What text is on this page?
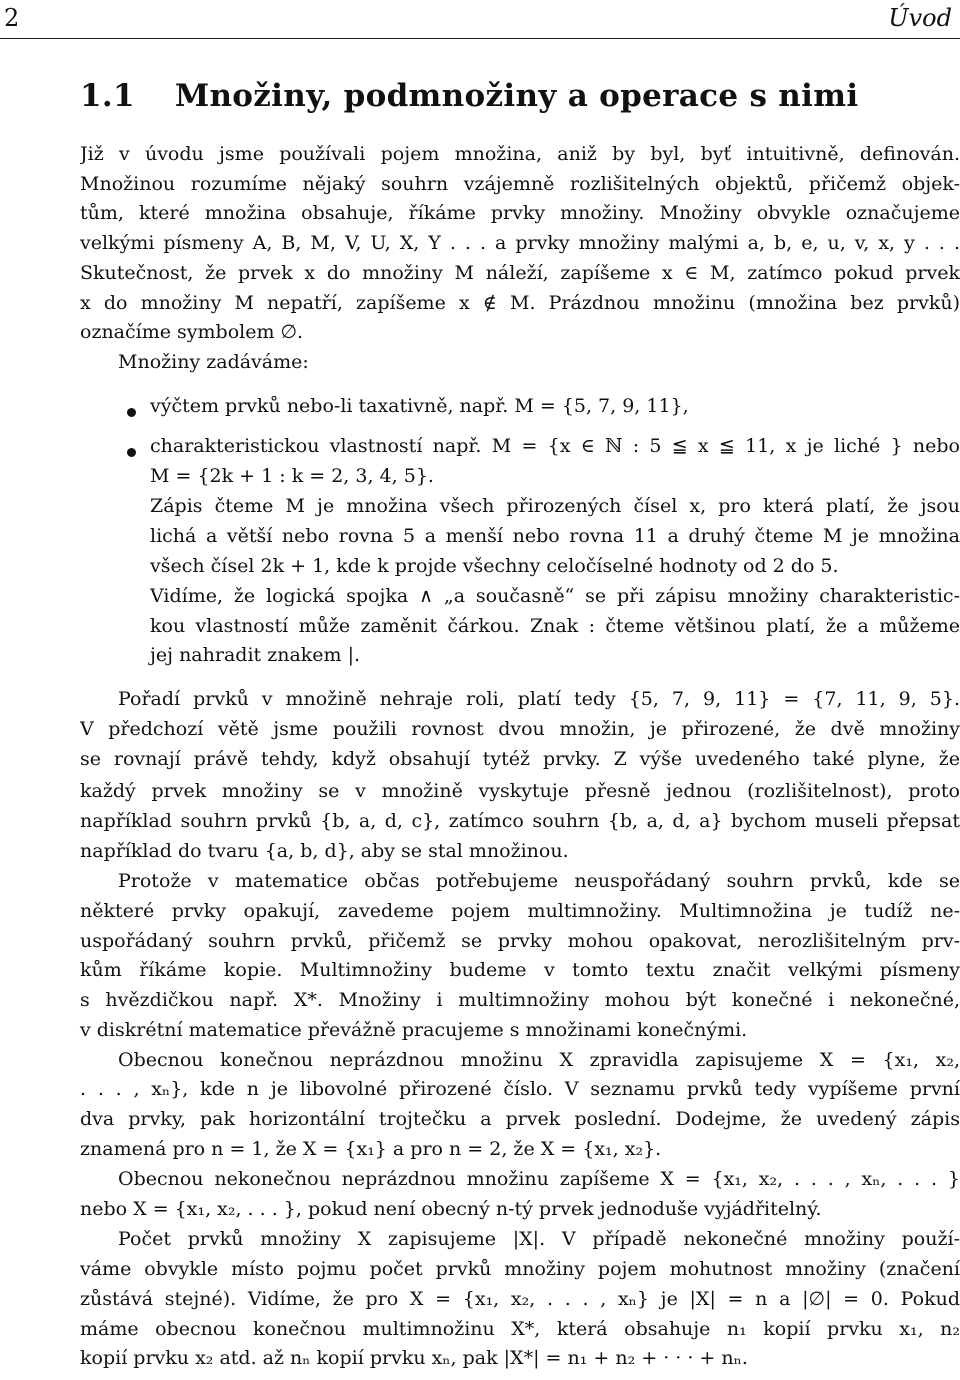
2	Úvod
1.1 Množiny, podmnožiny a operace s nimi
Již v úvodu jsme používali pojem množina, aniž by byl, byť intuitivně, definován.
Množinou rozumíme nějaký souhrn vzájemně rozlišitelných objektů, přičemž objek-
tům, které množina obsahuje, říkáme prvky množiny. Množiny obvykle označujeme
velkými písmeny A, B, M, V, U, X, Y . . . a prvky množiny malými a, b, e, u, v, x, y . . .
Skutečnost, že prvek x do množiny M náleží, zapíšeme x ∈ M, zatímco pokud prvek
x do množiny M nepatří, zapíšeme x ∉ M. Prázdnou množinu (množina bez prvků)
označíme symbolem ∅.
Množiny zadáváme:
výčtem prvků nebo-li taxativně, např. M = {5, 7, 9, 11},
charakteristickou vlastností např. M = {x ∈ ℕ : 5 ≦ x ≦ 11, x je liché } nebo
M = {2k + 1 : k = 2, 3, 4, 5}.
Zápis čteme M je množina všech přirozených čísel x, pro která platí, že jsou
lichá a větší nebo rovna 5 a menší nebo rovna 11 a druhý čteme M je množina
všech čísel 2k + 1, kde k projde všechny celočíselné hodnoty od 2 do 5.
Vidíme, že logická spojka ∧ „a současně“ se při zápisu množiny charakteristic-
kou vlastností může zaměnit čárkou. Znak : čteme většinou platí, že a můžeme
jej nahradit znakem |.
Pořadí prvků v množině nehraje roli, platí tedy {5, 7, 9, 11} = {7, 11, 9, 5}.
V předchozí větě jsme použili rovnost dvou množin, je přirozené, že dvě množiny
se rovnají právě tehdy, když obsahují tytéž prvky. Z výše uvedeného také plyne, že
každý prvek množiny se v množině vyskytuje přesně jednou (rozlišitelnost), proto
například souhrn prvků {b, a, d, c}, zatímco souhrn {b, a, d, a} bychom museli přepsat
například do tvaru {a, b, d}, aby se stal množinou.
Protože v matematice občas potřebujeme neuspořádaný souhrn prvků, kde se
některé prvky opakují, zavedeme pojem multimnožiny. Multimnožina je tudíž ne-
uspořádaný souhrn prvků, přičemž se prvky mohou opakovat, nerozlišitelným prv-
kům říkáme kopie. Multimnožiny budeme v tomto textu značit velkými písmeny
s hvězdičkou např. X*. Množiny i multimnožiny mohou být konečné i nekonečné,
v diskrétní matematice převážně pracujeme s množinami konečnými.
Obecnou konečnou neprázdnou množinu X zpravidla zapisujeme X = {x₁, x₂,
. . . , xₙ}, kde n je libovolné přirozené číslo. V seznamu prvků tedy vypíšeme první
dva prvky, pak horizontální trojtečku a prvek poslední. Dodejme, že uvedený zápis
znamená pro n = 1, že X = {x₁} a pro n = 2, že X = {x₁, x₂}.
Obecnou nekonečnou neprázdnou množinu zapíšeme X = {x₁, x₂, . . . , xₙ, . . . }
nebo X = {x₁, x₂, . . . }, pokud není obecný n-tý prvek jednoduše vyjádřitelný.
Počet prvků množiny X zapisujeme |X|. V případě nekonečné množiny použí-
váme obvykle místo pojmu počet prvků množiny pojem mohutnost množiny (značení
zůstává stejné). Vidíme, že pro X = {x₁, x₂, . . . , xₙ} je |X| = n a |∅| = 0. Pokud
máme obecnou konečnou multimnožinu X*, která obsahuje n₁ kopií prvku x₁, n₂
kopií prvku x₂ atd. až nₙ kopií prvku xₙ, pak |X*| = n₁ + n₂ + · · · + nₙ.
